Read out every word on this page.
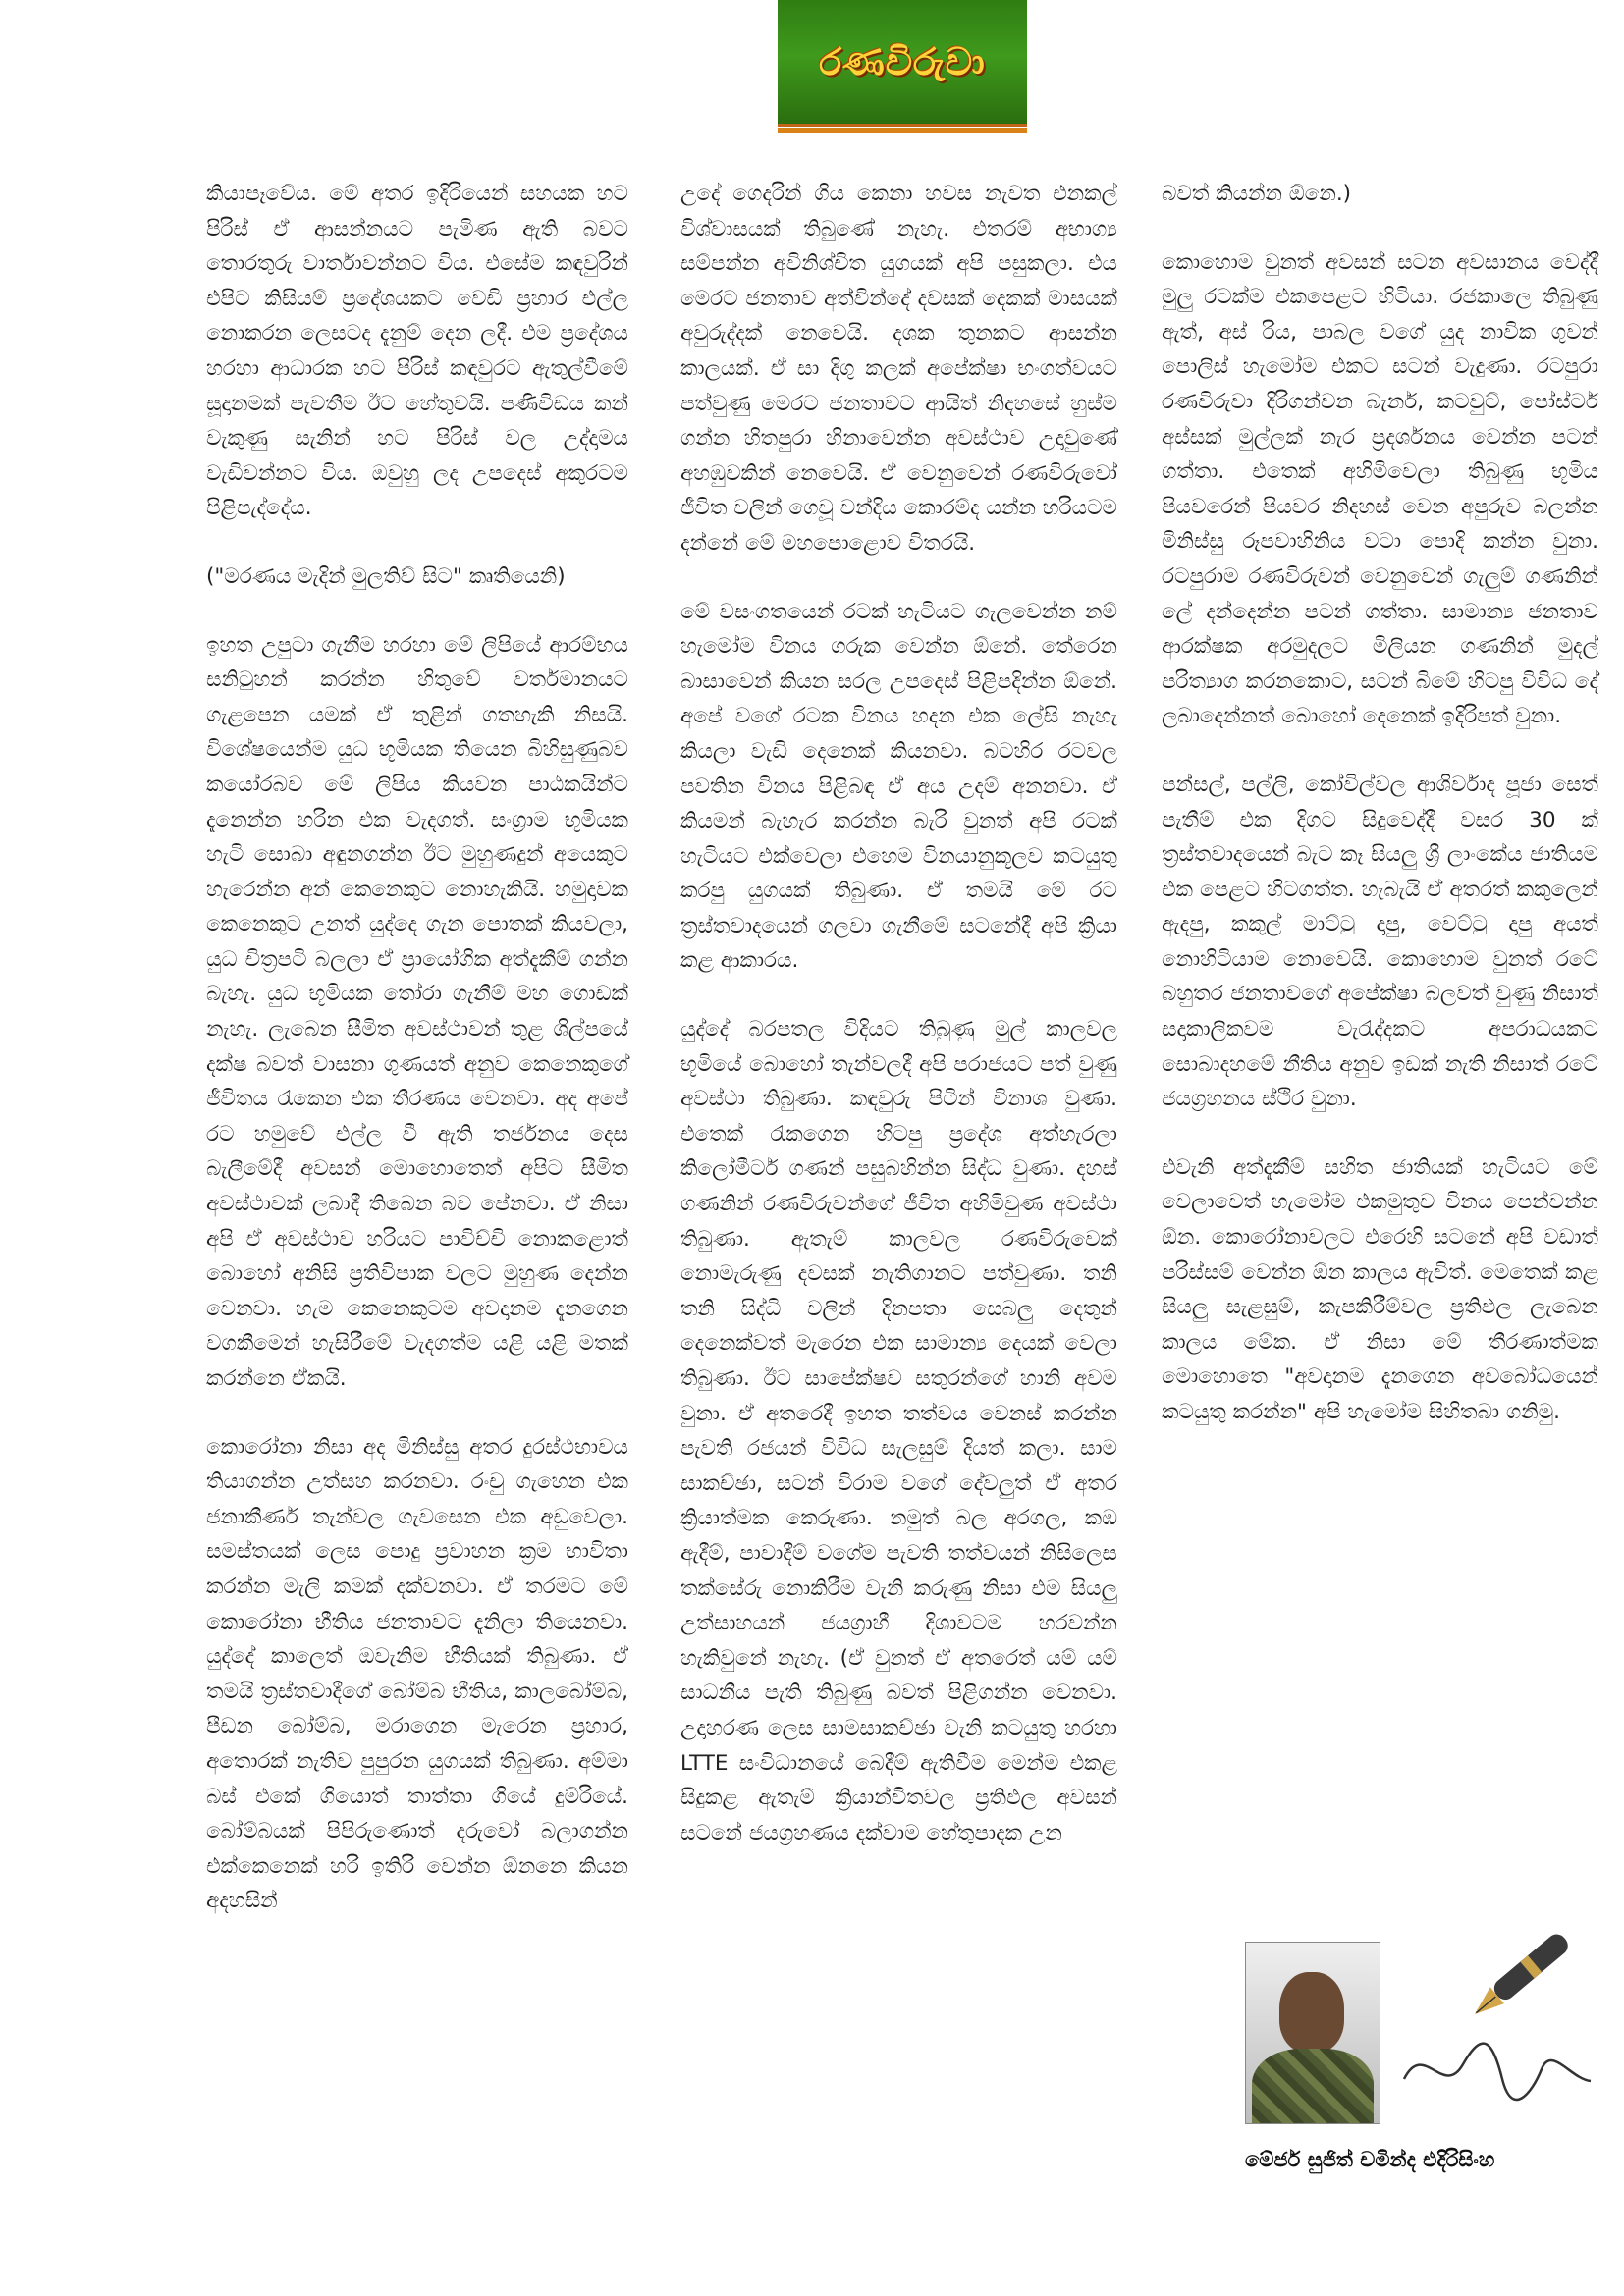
රණවිරුවා

කියාපෑවේය. මේ අතර ඉදිරියෙන් සහයක හට පිරිස් ඒ ආසන්නයට පැමිණ ඇති බවට තොරතුරු වාර්තාවන්නට විය. එසේම කඳවුරින් එපිට කිසියම් ප්‍රදේශයකට වෙඩි ප්‍රහාර එල්ල නොකරන ලෙසටද දැනුම් දෙන ලදී. එම ප්‍රදේශය හරහා ආධාරක හට පිරිස් කඳවුරට ඇතුල්වීමේ සූදානමක් පැවතීම ඊට හේතුවයි. පණිවිඩය කන් වැකුණු සැනින් හට පිරිස් වල උද්දාමය වැඩිවන්නට විය. ඔවුහු ලද උපදෙස් අකුරටම පිළිපැද්දේය.

("මරණය මැදින් මුලතිව් සිට" කෘතියෙනි)

ඉහත උපුටා ගැනීම හරහා මේ ලිපියේ ආරම්භය සනිටුහන් කරන්න හිතුවේ වර්තමානයට ගැළපෙන යමක් ඒ තුළින් ගතහැකි නිසයි. විශේෂයෙන්ම යුධ භූමියක තියෙන බිහිසුණුබව කයෝරබව මේ ලිපිය කියවන පාඨකයින්ට දැනෙන්න හරින එක වැදගත්. සංග්‍රාම භූමියක හැටි සොබා අඳුනගන්න ඊට මුහුණදුන් අයෙකුට හැරෙන්න අන් කෙනෙකුට නොහැකියි. හමුදාවක කෙනෙකුට උනත් යුද්දෙ ගැන පොතක් කියවලා, යුධ චිත්‍රපටි බලලා ඒ ප්‍රායෝගික අත්දැකීම් ගන්න බැහැ. යුධ භූමියක තෝරා ගැනීම් මහ ගොඩක් නැහැ. ලැබෙන සීමිත අවස්ථාවන් තුළ ශිල්පයේ දක්ෂ බවත් වාසනා ගුණයත් අනුව කෙනෙකුගේ ජීවිතය රැකෙන එක තීරණය වෙනවා. අද අපේ රට හමුවේ එල්ල වී ඇති තර්ජනය දෙස බැලීමේදී අවසන් මොහොතෙත් අපිට සීමිත අවස්ථාවක් ලබාදී තිබෙන බව පේනවා. ඒ නිසා අපි ඒ අවස්ථාව හරියට පාවිච්චි නොකළොත් බොහෝ අනිසි ප්‍රතිවිපාක වලට මුහුණ දෙන්න වෙනවා. හැම කෙනෙකුටම අවදානම දැනගෙන වගකීමෙන් හැසිරීමේ වැදගත්ම යළි යළි මතක් කරන්නෙ ඒකයි.

කොරෝනා නිසා අද මිනිස්සු අතර දුරස්ථභාවය තියාගන්න උත්සහ කරනවා. රංචු ගැහෙන එක ජනාකීර්ණ තැන්වල ගැවසෙන එක අඩුවෙලා. සමස්තයක් ලෙස පොදු ප්‍රවාහන ක්‍රම භාවිතා කරන්න මැලි කමක් දක්වනවා. ඒ තරමට මේ කොරෝනා භීතිය ජනතාවට දැනිලා තියෙනවා. යුද්දේ කාලෙත් ඔවැනිම භීතියක් තිබුණා. ඒ තමයි ත්‍රස්තවාදීගේ බෝම්බ භීතිය, කාලබෝම්බ, පීඩන බෝම්බ, මරාගෙන මැරෙන ප්‍රහාර, අතොරක් නැතිව පුපුරන යුගයක් තිබුණා. අම්මා බස් එකේ ගියොත් තාත්තා ගියේ දුම්රියේ. බෝම්බයක් පිපිරුණොත් දරුවෝ බලාගන්න එක්කෙනෙක් හරි ඉතිරි වෙන්න ඕනනෙ කියන අදහසින්

උදේ ගෙදරින් ගිය කෙනා හවස නැවත එනකල් විශ්වාසයක් තිබුණේ නැහැ. එතරම් අභාග්‍ය සම්පන්න අවිනිශ්චිත යුගයක් අපි පසුකලා. එය මෙරට ජනතාව අත්වින්දේ දවසක් දෙකක් මාසයක් අවුරුද්දක් නෙවෙයි. දශක තුනකට ආසන්න කාලයක්. ඒ සා දිගු කලක් අපේක්ෂා භංගත්වයට පත්වුණු මෙරට ජනතාවට ආයිත් නිදහසේ හුස්ම ගන්න හිතපුරා හිනාවෙන්න අවස්ථාව උදාවුණේ අහඹුවකින් නෙවෙයි. ඒ වෙනුවෙන් රණවිරුවෝ ජීවිත වලින් ගෙවූ වන්දිය කොරම්ද යන්න හරියටම දන්නේ මේ මහපොළොව විතරයි.

මේ වසංගතයෙන් රටක් හැටියට ගැලවෙන්න නම් හැමෝම විනය ගරුක වෙන්න ඕනේ. තේරෙන බාසාවෙන් කියන සරල උපදෙස් පිළිපදින්න ඕනේ. අපේ වගේ රටක විනය හදන එක ලේසි නැහැ කියලා වැඩි දෙනෙක් කියනවා. බටහිර රටවල පවතින විනය පිළිබඳ ඒ අය උදම් අනනවා. ඒ කියමන් බැහැර කරන්න බැරි වුනත් අපි රටක් හැටියට එක්වෙලා එහෙම විනයානුකූලව කටයුතු කරපු යුගයක් තිබුණා. ඒ තමයි මේ රට ත්‍රස්තවාදයෙන් ගලවා ගැනීමේ සටනේදී අපි ක්‍රියා කළ ආකාරය.

යුද්දේ බරපතල විදියට තිබුණු මුල් කාලවල භූමියේ බොහෝ තැන්වලදී අපි පරාජයට පත් වුණු අවස්ථා තිබුණා. කඳවුරු පිටින් විනාශ වුණා. එතෙක් රැකගෙන හිටපු ප්‍රදේශ අත්හැරලා කිලෝමීටර් ගණන් පසුබහින්න සිද්ධ වුණා. දහස් ගණනින් රණවිරුවන්ගේ ජීවිත අහිමිවුණ අවස්ථා තිබුණා. ඇතැම් කාලවල රණවිරුවෙක් නොමැරුණු දවසක් නැතිගානට පත්වුණා. තනි තනි සිද්ධි වලින් දිනපතා සෙබලු දෙතුන් දෙනෙක්වත් මැරෙන එක සාමාන්‍ය දෙයක් වෙලා තිබුණා. ඊට සාපේක්ෂව සතුරන්ගේ හානි අවම වුනා. ඒ අතරෙදී ඉහත තත්වය වෙනස් කරන්න පැවති රජයන් විවිධ සැලසුම් දියත් කලා. සාම සාකච්ඡා, සටන් විරාම වගේ දේවලුත් ඒ අතර ක්‍රියාත්මක කෙරුණා. නමුත් බල අරගල, කඹ ඇදීම්, පාවාදීම් වගේම පැවති තත්වයන් නිසිලෙස තක්සේරු නොකිරීම වැනි කරුණු නිසා එම සියලු උත්සාහයන් ජයග්‍රාහී දිශාවටම හරවන්න හැකිවුනේ නැහැ. (ඒ වුනත් ඒ අතරෙත් යම් යම් සාධනීය පැති තිබුණු බවත් පිළිගන්න වෙනවා. උදාහරණ ලෙස සාමසාකච්ඡා වැනි කටයුතු හරහා LTTE සංවිධානයේ බෙදීම් ඇතිවීම මෙන්ම එකළ සිදුකළ ඇතැම් ක්‍රියාන්විතවල ප්‍රතිඵල අවසන් සටනේ ජයග්‍රහණය දක්වාම හේතුපාදක උන

බවත් කියන්න ඕනෙ.)

කොහොම වුනත් අවසන් සටන අවසානය වෙද්දී මුලු රටක්ම එකපෙළට හිටියා. රජකාලෙ තිබුණු ඇත්, අස් රිය, පාබල වගේ යුද නාවික ගුවන් පොලිස් හැමෝම එකට සටන් වැදුණා. රටපුරා රණවිරුවා දිරිගන්වන බැනර්, කටවුට්, පෝස්ටර් අස්සක් මුල්ලක් නැර ප්‍රදර්ශනය වෙන්න පටන් ගත්තා. එතෙක් අහිමිවෙලා තිබුණු භූමිය පියවරෙන් පියවර නිදහස් වෙන අපුරුව බලන්න මිනිස්සු රූපවාහිනිය වටා පොදි කන්න වුනා. රටපුරාම රණවිරුවන් වෙනුවෙන් ගැලුම් ගණනින් ලේ දන්දෙන්න පටන් ගත්තා. සාමාන්‍ය ජනතාව ආරක්ෂක අරමුදලට මිලියන ගණනින් මුදල් පරිත්‍යාග කරනකොට, සටන් බිමේ හිටපු විවිධ දේ ලබාදෙන්නත් බොහෝ දෙනෙක් ඉදිරිපත් වුනා.

පන්සල්, පල්ලි, කෝවිල්වල ආශිර්වාද පූජා සෙත් පැතීම් එක දිගට සිදුවෙද්දී වසර 30 ක් ත්‍රස්තවාදයෙන් බැට කෑ සියලු ශ්‍රී ලාංකේය ජාතියම එක පෙළට හිටගත්ත. හැබැයි ඒ අතරත් කකුලෙන් ඇදපු, කකුල් මාට්ටු දාපු, වෙට්ටු දාපු අයත් නොහිටියාම නොවෙයි. කොහොම වුනත් රටේ බහුතර ජනතාවගේ අපේක්ෂා බලවත් වුණු නිසාත් සදාකාලිකවම වැරැද්දකට අපරාධයකට සොබාදහමේ නීතිය අනුව ඉඩක් නැති නිසාත් රටේ ජයග්‍රහනය ස්ථිර වුනා.

එවැනි අත්දැකීම් සහිත ජාතියක් හැටියට මේ වෙලාවෙත් හැමෝම එකමුතුව විනය පෙන්වන්න ඕන. කොරෝනාවලට එරෙහි සටනේ අපි වඩාත් පරිස්සම් වෙන්න ඕන කාලය ඇවිත්. මෙතෙක් කළ සියලු සැළසුම්, කැපකිරීම්වල ප්‍රතිඵල ලැබෙන කාලය මේක. ඒ නිසා මේ තීරණාත්මක මොහොතෙ "අවදානම දැනගෙන අවබෝධයෙන් කටයුතු කරන්න" අපි හැමෝම සිහිතබා ගනිමු.

මේජර් සුජිත් චමින්ද එදිරිසිංහ
